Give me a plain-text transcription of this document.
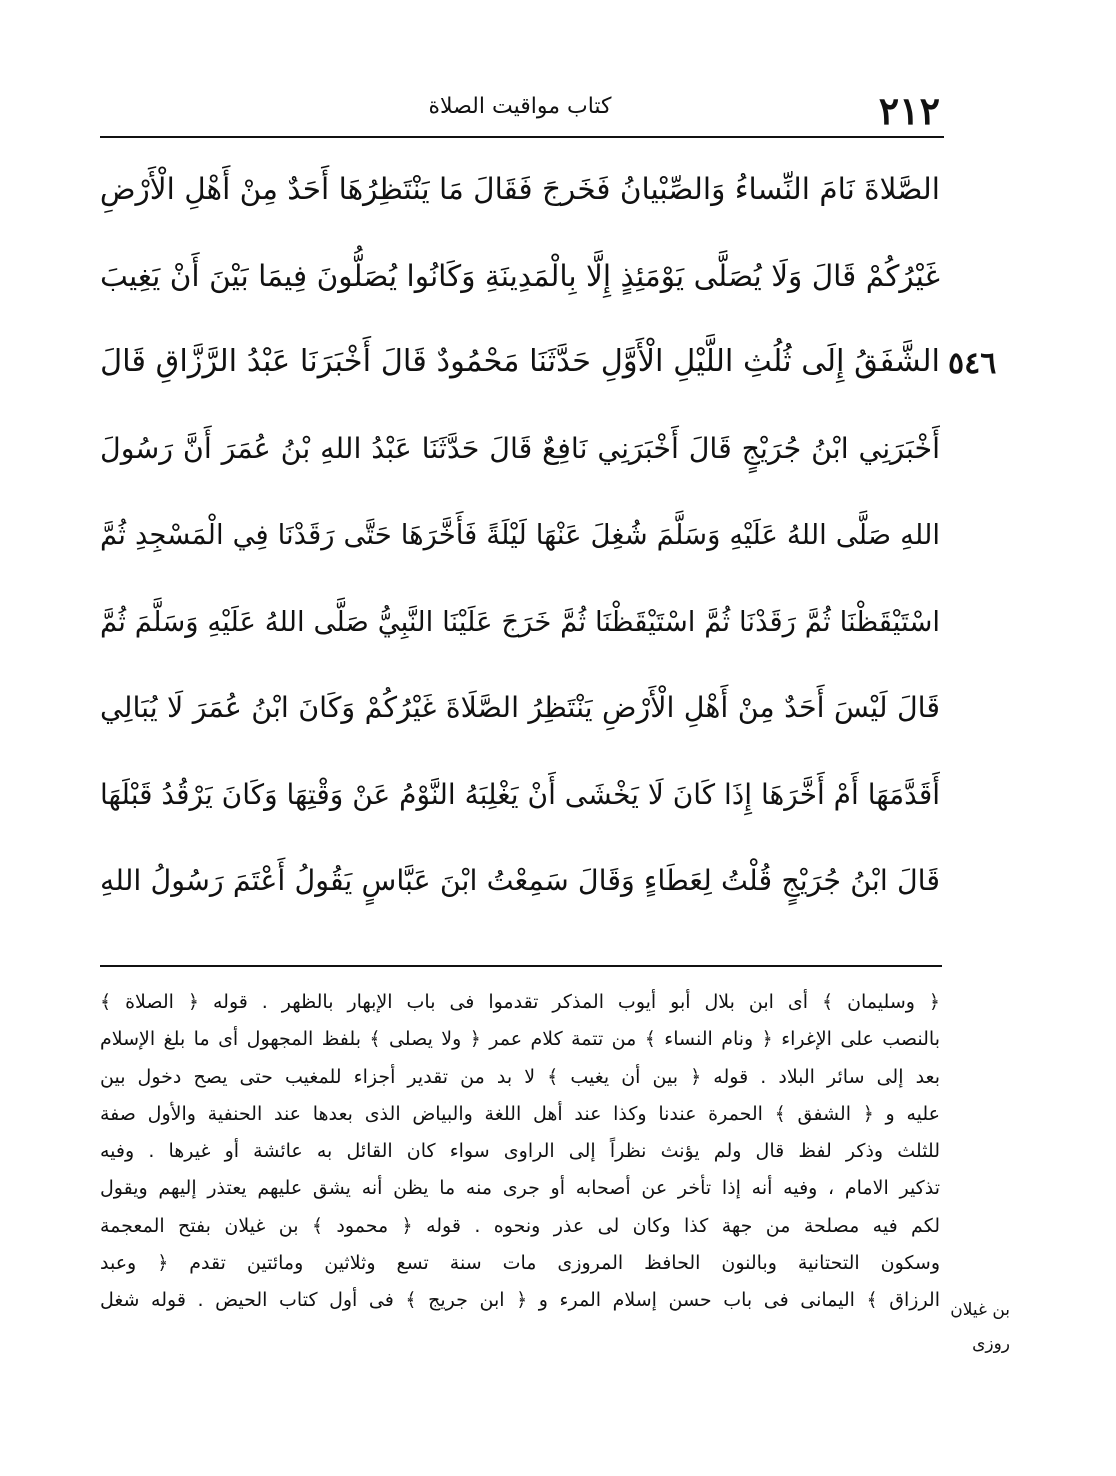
٢١٢
كتاب مواقيت الصلاة
الصَّلاةَ نَامَ النِّساءُ وَالصِّبْيانُ فَخَرجَ فَقَالَ مَا يَنْتَظِرُهَا أَحَدٌ مِنْ أَهْلِ الْأَرْضِ
غَيْرُكُمْ قَالَ وَلَا يُصَلَّى يَوْمَئِذٍ إِلَّا بِالْمَدِينَةِ وَكَانُوا يُصَلُّونَ فِيمَا بَيْنَ أَنْ يَغِيبَ
الشَّفَقُ إِلَى ثُلُثِ اللَّيْلِ الْأَوَّلِ حَدَّثَنَا مَحْمُودٌ قَالَ أَخْبَرَنَا عَبْدُ الرَّزَّاقِ قَالَ
أَخْبَرَنِي ابْنُ جُرَيْجٍ قَالَ أَخْبَرَنِي نَافِعٌ قَالَ حَدَّثَنَا عَبْدُ اللهِ بْنُ عُمَرَ أَنَّ رَسُولَ
اللهِ صَلَّى اللهُ عَلَيْهِ وَسَلَّمَ شُغِلَ عَنْهَا لَيْلَةً فَأَخَّرَهَا حَتَّى رَقَدْنَا فِي الْمَسْجِدِ ثُمَّ
اسْتَيْقَظْنَا ثُمَّ رَقَدْنَا ثُمَّ اسْتَيْقَظْنَا ثُمَّ خَرَجَ عَلَيْنَا النَّبِيُّ صَلَّى اللهُ عَلَيْهِ وَسَلَّمَ ثُمَّ
قَالَ لَيْسَ أَحَدٌ مِنْ أَهْلِ الْأَرْضِ يَنْتَظِرُ الصَّلَاةَ غَيْرُكُمْ وَكَانَ ابْنُ عُمَرَ لَا يُبَالِي
أَقَدَّمَهَا أَمْ أَخَّرَهَا إِذَا كَانَ لَا يَخْشَى أَنْ يَغْلِبَهُ النَّوْمُ عَنْ وَقْتِهَا وَكَانَ يَرْقُدُ قَبْلَهَا
قَالَ ابْنُ جُرَيْجٍ قُلْتُ لِعَطَاءٍ وَقَالَ سَمِعْتُ ابْنَ عَبَّاسٍ يَقُولُ أَعْتَمَ رَسُولُ اللهِ
٥٤٦
﴿ وسليمان ﴾ أى ابن بلال أبو أيوب المذكر تقدموا فى باب الإبهار بالظهر . قوله ﴿ الصلاة ﴾
بالنصب على الإغراء ﴿ ونام النساء ﴾ من تتمة كلام عمر ﴿ ولا يصلى ﴾ بلفظ المجهول أى ما بلغ الإسلام
بعد إلى سائر البلاد . قوله ﴿ بين أن يغيب ﴾ لا بد من تقدير أجزاء للمغيب حتى يصح دخول بين
عليه و ﴿ الشفق ﴾ الحمرة عندنا وكذا عند أهل اللغة والبياض الذى بعدها عند الحنفية والأول صفة
للثلث وذكر لفظ قال ولم يؤنث نظراً إلى الراوى سواء كان القائل به عائشة أو غيرها . وفيه
تذكير الامام ، وفيه أنه إذا تأخر عن أصحابه أو جرى منه ما يظن أنه يشق عليهم يعتذر إليهم ويقول
لكم فيه مصلحة من جهة كذا وكان لى عذر ونحوه . قوله ﴿ محمود ﴾ بن غيلان بفتح المعجمة
وسكون التحتانية وبالنون الحافظ المروزى مات سنة تسع وثلاثين ومائتين تقدم ﴿ وعبد
الرزاق ﴾ اليمانى فى باب حسن إسلام المرء و ﴿ ابن جريج ﴾ فى أول كتاب الحيض . قوله شغل بن غيلان
روزى
